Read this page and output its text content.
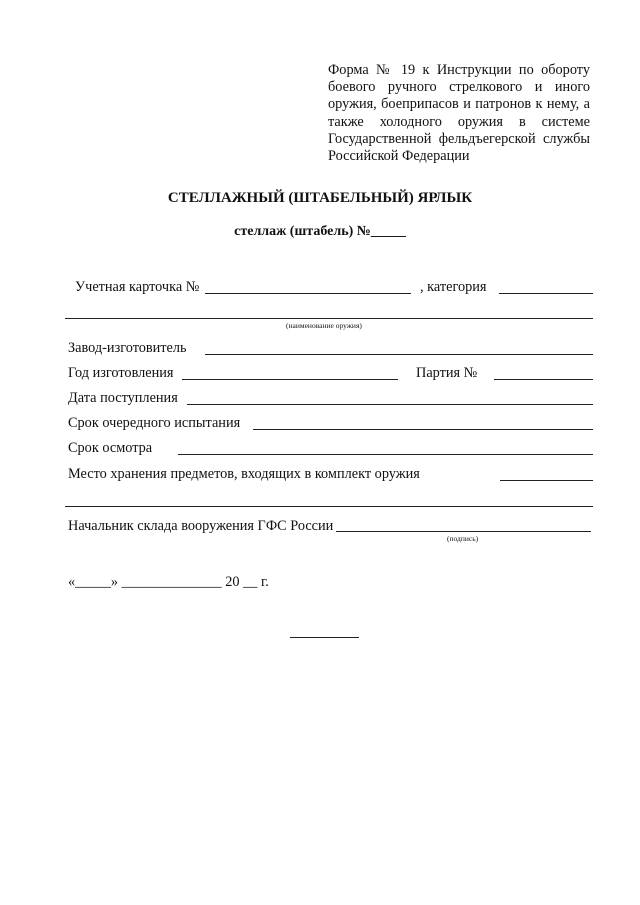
Форма № 19 к Инструкции по обороту
боевого ручного стрелкового и иного
оружия, боеприпасов и патронов к нему, а
также холодного оружия в системе
Государственной фельдъегерской службы
Российской Федерации
СТЕЛЛАЖНЫЙ (ШТАБЕЛЬНЫЙ) ЯРЛЫК
стеллаж (штабель) №_____
Учетная карточка №	, категория
(наименование оружия)
Завод-изготовитель
Год изготовления	Партия №
Дата поступления
Срок очередного испытания
Срок осмотра
Место хранения предметов, входящих в комплект оружия
Начальник склада вооружения ГФС России
(подпись)
«_____» ______________ 20 __ г.
